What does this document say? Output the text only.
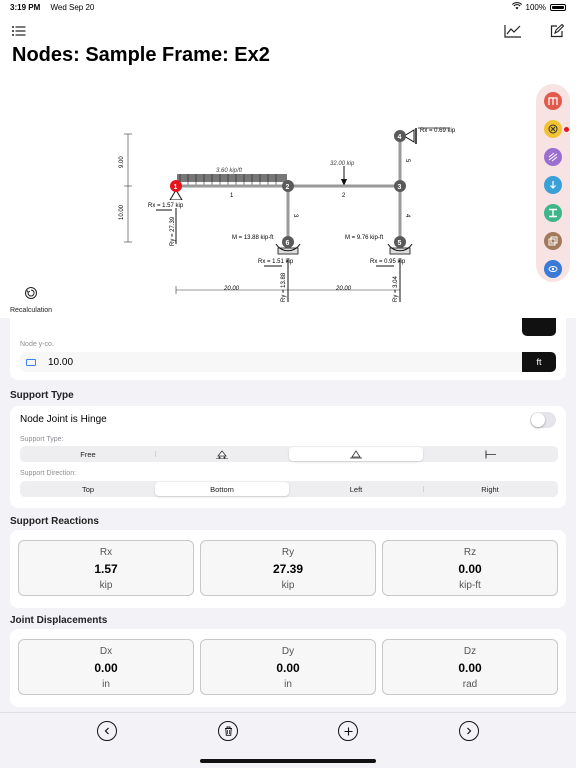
3:19 PM Wed Sep 20	100%
Nodes: Sample Frame: Ex2
9.00
10.00
20.00	20.00
3.60 kip/ft
32.00 kip
1	2
3	4
5
Rx = 1.57 kip
Ry = 27.39	M = 13.88 kip-ft
Rx = 1.51 kip
Ry = 13.88
M = 9.76 kip-ft
Rx = 0.95 kip
Ry = 3.04
Rx = 0.69 kip
1	2	3
4
5
6
Recalculation
Node y-co.
10.00	ft
Support Type
Node Joint is Hinge
Support Type:
Free
Support Direction:
Top	Bottom	Left	Right
Support Reactions
Rx
1.57
kip
Ry
27.39
kip
Rz
0.00
kip-ft
Joint Displacements
Dx
0.00
in
Dy
0.00
in
Dz
0.00
rad
